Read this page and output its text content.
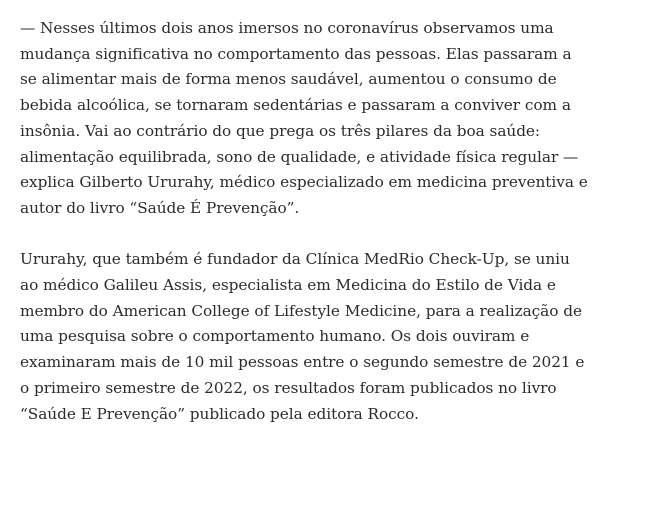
— Nesses últimos dois anos imersos no coronavírus observamos uma
mudança significativa no comportamento das pessoas. Elas passaram a
se alimentar mais de forma menos saudável, aumentou o consumo de
bebida alcoólica, se tornaram sedentárias e passaram a conviver com a
insônia. Vai ao contrário do que prega os três pilares da boa saúde:
alimentação equilibrada, sono de qualidade, e atividade física regular —
explica Gilberto Ururahy, médico especializado em medicina preventiva e
autor do livro “Saúde É Prevenção”.

Ururahy, que também é fundador da Clínica MedRio Check-Up, se uniu
ao médico Galileu Assis, especialista em Medicina do Estilo de Vida e
membro do American College of Lifestyle Medicine, para a realização de
uma pesquisa sobre o comportamento humano. Os dois ouviram e
examinaram mais de 10 mil pessoas entre o segundo semestre de 2021 e
o primeiro semestre de 2022, os resultados foram publicados no livro
“Saúde E Prevenção” publicado pela editora Rocco.
